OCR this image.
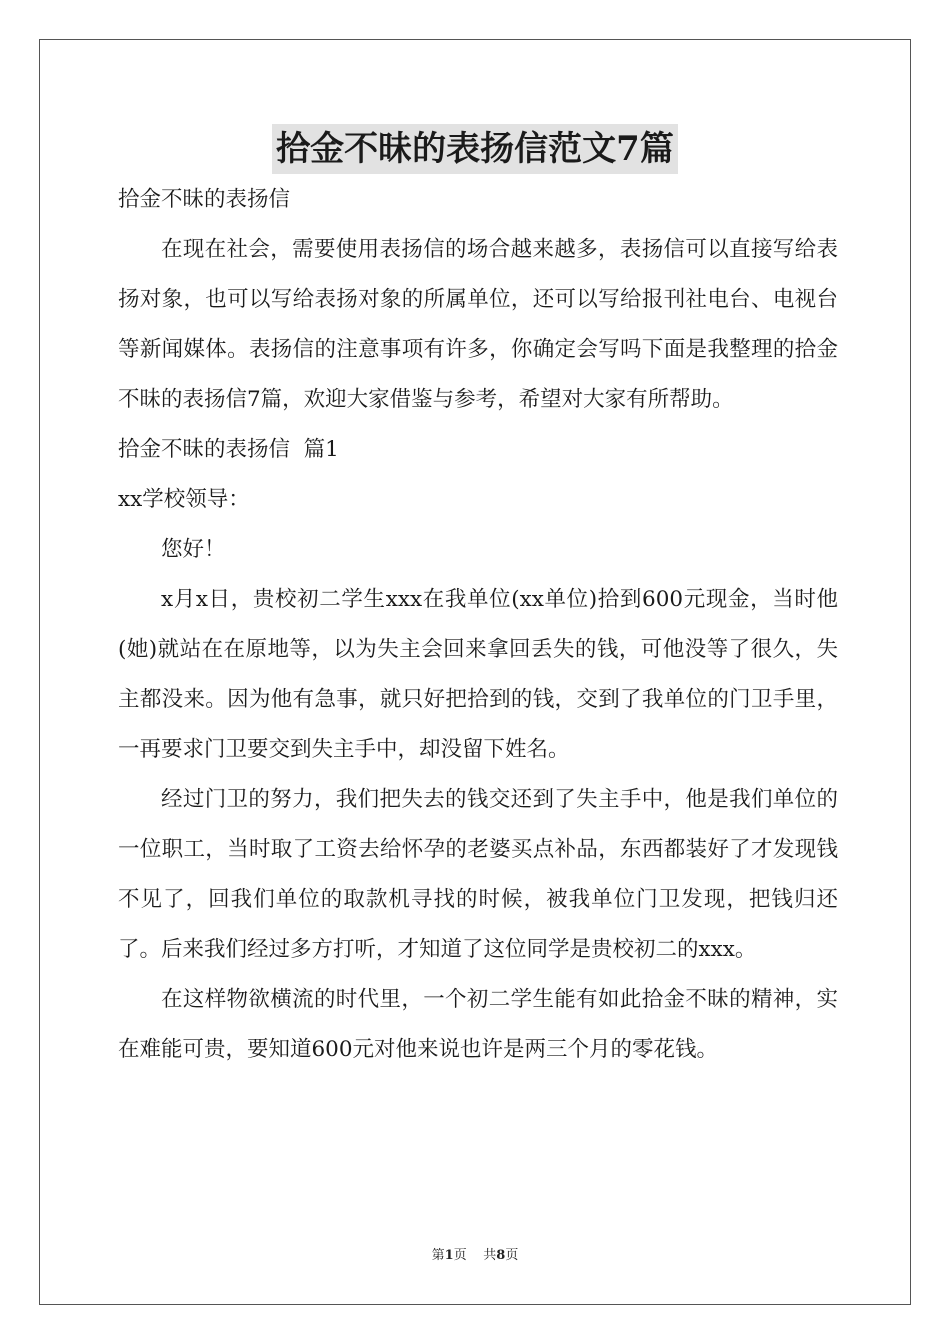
拾金不昧的表扬信范文7篇

拾金不昧的表扬信

在现在社会，需要使用表扬信的场合越来越多，表扬信可以直接写给表扬对象，也可以写给表扬对象的所属单位，还可以写给报刊社电台、电视台等新闻媒体。表扬信的注意事项有许多，你确定会写吗下面是我整理的拾金不昧的表扬信7篇，欢迎大家借鉴与参考，希望对大家有所帮助。

拾金不昧的表扬信  篇1

xx学校领导：

您好！

x月x日，贵校初二学生xxx在我单位(xx单位)拾到600元现金，当时他(她)就站在在原地等，以为失主会回来拿回丢失的钱，可他没等了很久，失主都没来。因为他有急事，就只好把拾到的钱，交到了我单位的门卫手里，一再要求门卫要交到失主手中，却没留下姓名。

经过门卫的努力，我们把失去的钱交还到了失主手中，他是我们单位的一位职工，当时取了工资去给怀孕的老婆买点补品，东西都装好了才发现钱不见了，回我们单位的取款机寻找的时候，被我单位门卫发现，把钱归还了。后来我们经过多方打听，才知道了这位同学是贵校初二的xxx。

在这样物欲横流的时代里，一个初二学生能有如此拾金不昧的精神，实在难能可贵，要知道600元对他来说也许是两三个月的零花钱。

第1页 共8页
